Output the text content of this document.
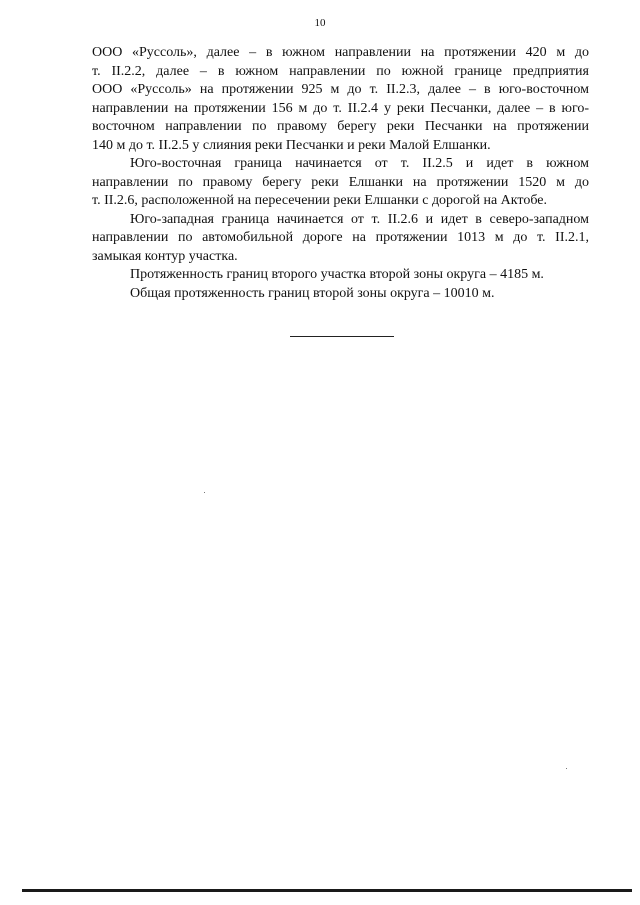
10

ООО «Руссоль», далее – в южном направлении на протяжении 420 м до
т. II.2.2, далее – в южном направлении по южной границе предприятия
ООО «Руссоль» на протяжении 925 м до т. II.2.3, далее – в юго-восточном
направлении на протяжении 156 м до т. II.2.4 у реки Песчанки, далее – в юго-
восточном направлении по правому берегу реки Песчанки на протяжении
140 м до т. II.2.5 у слияния реки Песчанки и реки Малой Елшанки.

Юго-восточная граница начинается от т. II.2.5 и идет в южном
направлении по правому берегу реки Елшанки на протяжении 1520 м до
т. II.2.6, расположенной на пересечении реки Елшанки с дорогой на Актобе.

Юго-западная граница начинается от т. II.2.6 и идет в северо-западном
направлении по автомобильной дороге на протяжении 1013 м до т. II.2.1,
замыкая контур участка.

Протяженность границ второго участка второй зоны округа – 4185 м.
Общая протяженность границ второй зоны округа – 10010 м.
